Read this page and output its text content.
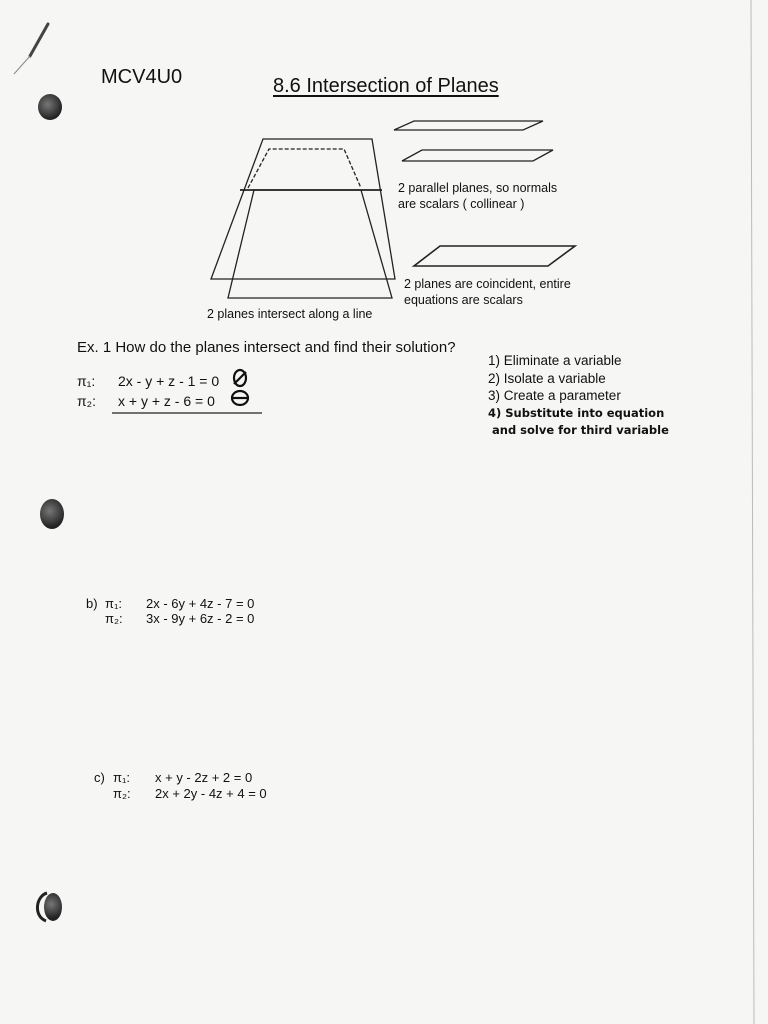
MCV4U0	8.6 Intersection of Planes
2 parallel planes, so normals
are scalars ( collinear )
2 planes are coincident, entire
equations are scalars
2 planes intersect along a line
Ex. 1 How do the planes intersect and find their solution?
π₁: 2x - y + z - 1 = 0
π₂: x + y + z - 6 = 0
1) Eliminate a variable
2) Isolate a variable
3) Create a parameter
4) Substitute into equation
and solve for third variable
b) π₁: 2x - 6y + 4z - 7 = 0
π₂: 3x - 9y + 6z - 2 = 0
c) π₁: x + y - 2z + 2 = 0
π₂: 2x + 2y - 4z + 4 = 0
